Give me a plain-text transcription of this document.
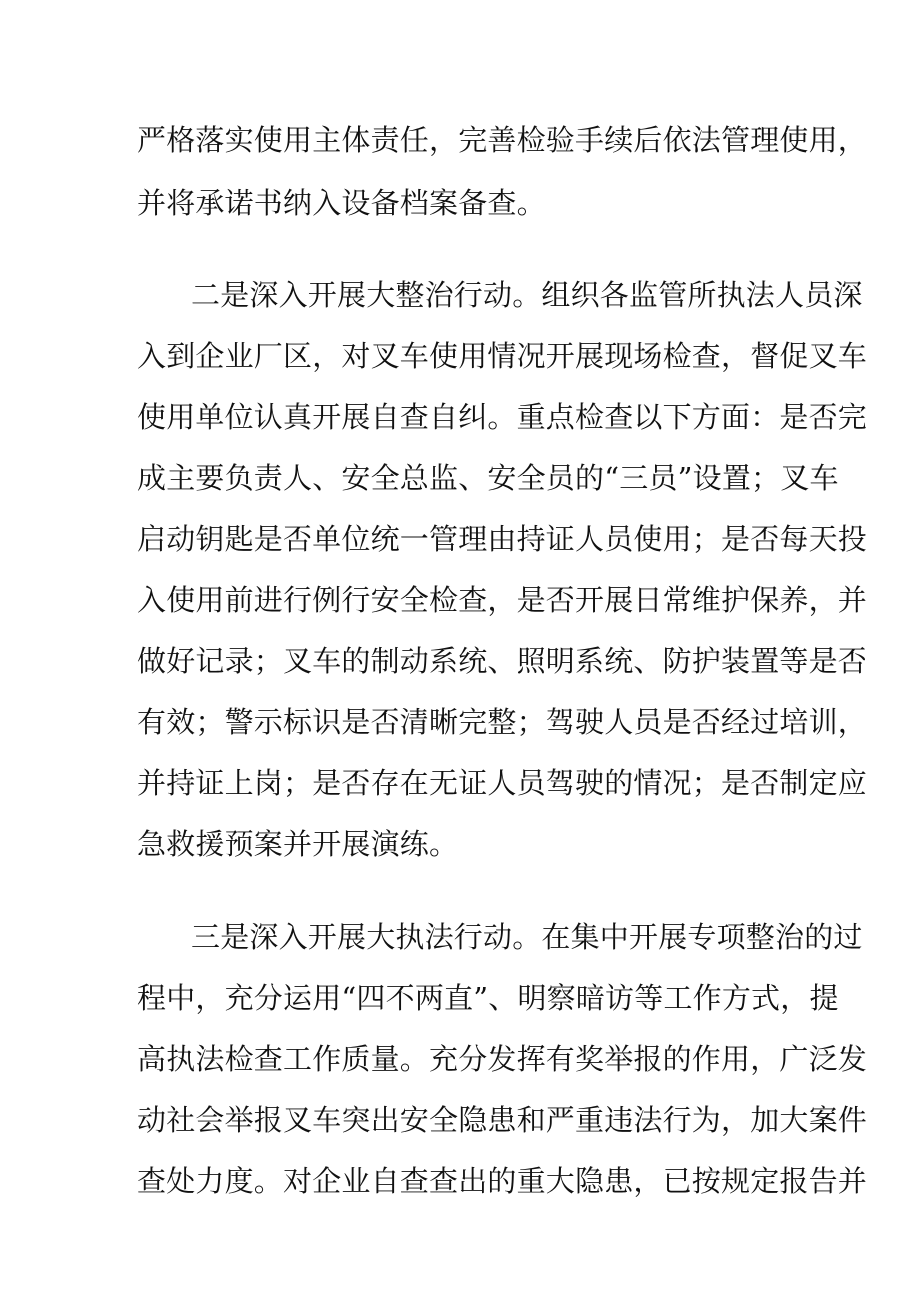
严格落实使用主体责任，完善检验手续后依法管理使用，
并将承诺书纳入设备档案备查。
二是深入开展大整治行动。组织各监管所执法人员深
入到企业厂区，对叉车使用情况开展现场检查，督促叉车
使用单位认真开展自查自纠。重点检查以下方面：是否完
成主要负责人、安全总监、安全员的“三员”设置；叉车
启动钥匙是否单位统一管理由持证人员使用；是否每天投
入使用前进行例行安全检查，是否开展日常维护保养，并
做好记录；叉车的制动系统、照明系统、防护装置等是否
有效；警示标识是否清晰完整；驾驶人员是否经过培训，
并持证上岗；是否存在无证人员驾驶的情况；是否制定应
急救援预案并开展演练。
三是深入开展大执法行动。在集中开展专项整治的过
程中，充分运用“四不两直”、明察暗访等工作方式，提
高执法检查工作质量。充分发挥有奖举报的作用，广泛发
动社会举报叉车突出安全隐患和严重违法行为，加大案件
查处力度。对企业自查查出的重大隐患，已按规定报告并
